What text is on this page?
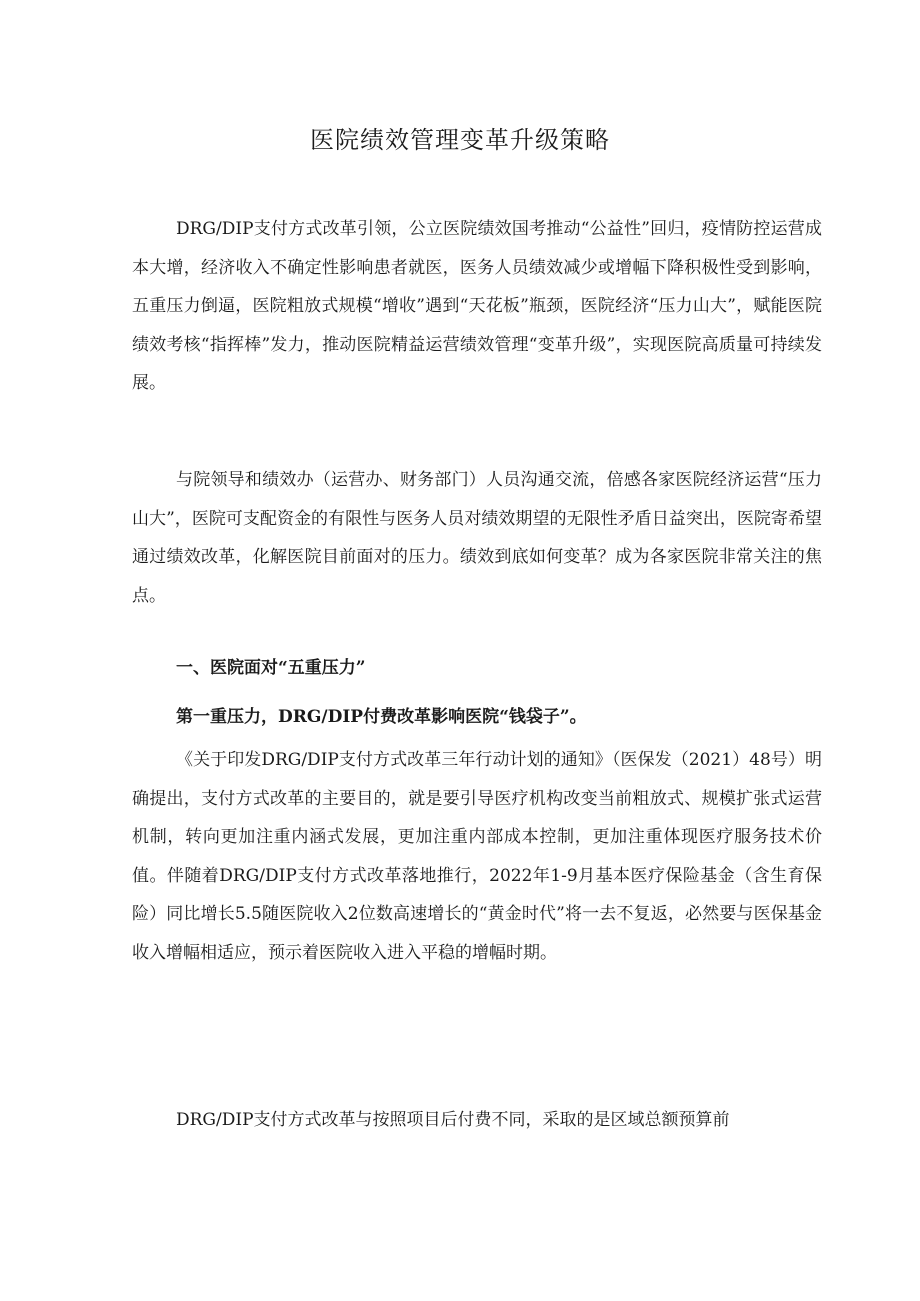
医院绩效管理变革升级策略
DRG/DIP支付方式改革引领，公立医院绩效国考推动“公益性”回归，疫情防控运营成本大增，经济收入不确定性影响患者就医，医务人员绩效减少或增幅下降积极性受到影响，五重压力倒逼，医院粗放式规模“增收”遇到“天花板”瓶颈，医院经济“压力山大”，赋能医院绩效考核“指挥棒”发力，推动医院精益运营绩效管理“变革升级”，实现医院高质量可持续发展。
与院领导和绩效办（运营办、财务部门）人员沟通交流，倍感各家医院经济运营“压力山大”，医院可支配资金的有限性与医务人员对绩效期望的无限性矛盾日益突出，医院寄希望通过绩效改革，化解医院目前面对的压力。绩效到底如何变革？成为各家医院非常关注的焦点。
一、医院面对“五重压力”
第一重压力，DRG/DIP付费改革影响医院“钱袋子”。
《关于印发DRG/DIP支付方式改革三年行动计划的通知》（医保发（2021）48号）明确提出，支付方式改革的主要目的，就是要引导医疗机构改变当前粗放式、规模扩张式运营机制，转向更加注重内涵式发展，更加注重内部成本控制，更加注重体现医疗服务技术价值。伴随着DRG/DIP支付方式改革落地推行，2022年1-9月基本医疗保险基金（含生育保险）同比增长5.5随医院收入2位数高速增长的“黄金时代”将一去不复返，必然要与医保基金收入增幅相适应，预示着医院收入进入平稳的增幅时期。
DRG/DIP支付方式改革与按照项目后付费不同，采取的是区域总额预算前
